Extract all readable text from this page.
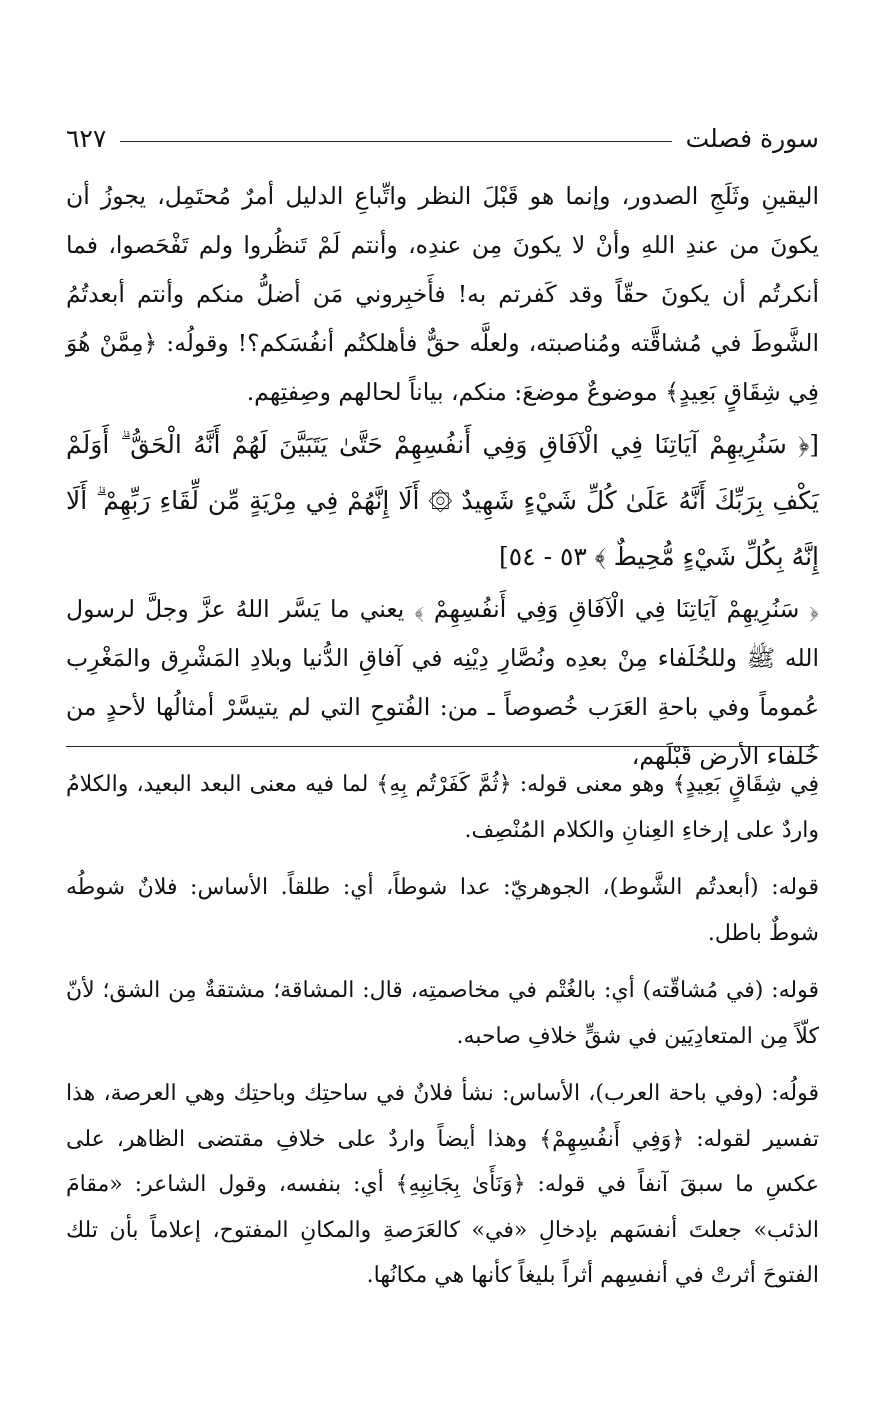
سورة فصلت
٦٢٧

اليقينِ وثَلَجِ الصدور، وإنما هو قَبْلَ النظر واتِّباعِ الدليل أمرٌ مُحتَمِل، يجوزُ أن يكونَ من عندِ اللهِ وأنْ لا يكونَ مِن عندِه، وأنتم لَمْ تَنظُروا ولم تَفْحَصوا، فما أنكرتُم أن يكونَ حقّاً وقد كَفرتم به! فأَخبِروني مَن أضلُّ منكم وأنتم أبعدتُمُ الشَّوطَ في مُشاقَّته ومُناصبته، ولعلَّه حقٌّ فأهلكتُم أنفُسَكم؟! وقولُه: ﴿مِمَّنْ هُوَ فِي شِقَاقٍ بَعِيدٍ﴾ موضوعٌ موضعَ: منكم، بياناً لحالهم وصِفتِهم.

[﴿ سَنُرِيهِمْ آيَاتِنَا فِي الْآفَاقِ وَفِي أَنفُسِهِمْ حَتَّىٰ يَتَبَيَّنَ لَهُمْ أَنَّهُ الْحَقُّ ۗ أَوَلَمْ يَكْفِ بِرَبِّكَ أَنَّهُ عَلَىٰ كُلِّ شَيْءٍ شَهِيدٌ ۞ أَلَا إِنَّهُمْ فِي مِرْيَةٍ مِّن لِّقَاءِ رَبِّهِمْ ۗ أَلَا إِنَّهُ بِكُلِّ شَيْءٍ مُّحِيطٌ ﴾ ٥٣ - ٥٤]

﴿ سَنُرِيهِمْ آيَاتِنَا فِي الْآفَاقِ وَفِي أَنفُسِهِمْ ﴾ يعني ما يَسَّر اللهُ عزَّ وجلَّ لرسول الله ﷺ وللخُلَفاء مِنْ بعدِه ونُصَّارِ دِيْنِه في آفاقِ الدُّنيا وبلادِ المَشْرِق والمَغْرِب عُموماً وفي باحةِ العَرَب خُصوصاً ـ من: الفُتوحِ التي لم يتيسَّرْ أمثالُها لأحدٍ من خُلفاء الأرض قَبْلَهم،

فِي شِقَاقٍ بَعِيدٍ﴾ وهو معنى قوله: ﴿ثُمَّ كَفَرْتُم بِهِ﴾ لما فيه معنى البعد البعيد، والكلامُ واردٌ على إرخاءِ العِنانِ والكلام المُنْصِف.

قوله: (أبعدتُم الشَّوط)، الجوهريّ: عدا شوطاً، أي: طلقاً. الأساس: فلانٌ شوطُه شوطٌ باطل.

قوله: (في مُشاقّته) أي: بالغُتْم في مخاصمتِه، قال: المشاقة؛ مشتقةٌ مِن الشق؛ لأنّ كلّاً مِن المتعادِيَين في شقٍّ خلافِ صاحبه.

قولُه: (وفي باحة العرب)، الأساس: نشأ فلانٌ في ساحتِك وباحتِك وهي العرصة، هذا تفسير لقوله: ﴿وَفِي أَنفُسِهِمْ﴾ وهذا أيضاً واردٌ على خلافِ مقتضى الظاهر، على عكسِ ما سبقَ آنفاً في قوله: ﴿وَنَأَىٰ بِجَانِبِهِ﴾ أي: بنفسه، وقول الشاعر: «مقامَ الذئب» جعلتَ أنفسَهم بإدخالِ «في» كالعَرَصةِ والمكانِ المفتوح، إعلاماً بأن تلك الفتوحَ أثرتْ في أنفسِهم أثراً بليغاً كأنها هي مكانُها.
